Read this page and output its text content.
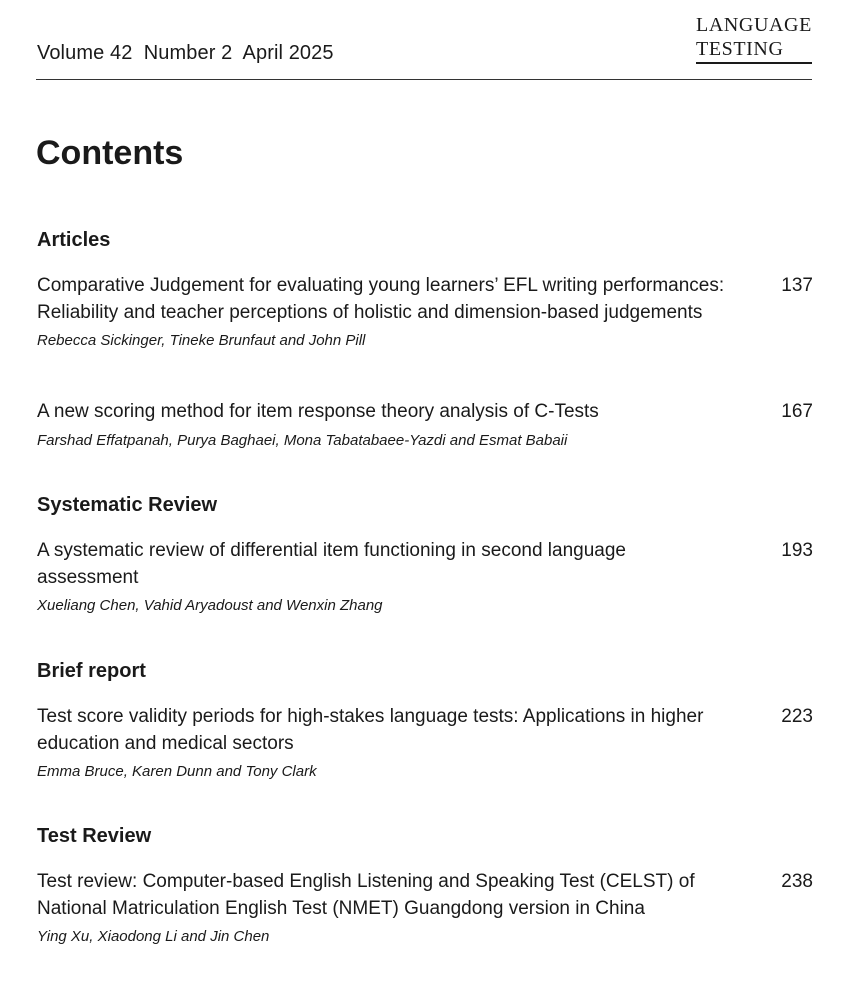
Volume 42  Number 2  April 2025
LANGUAGE
TESTING
Contents
Articles
Comparative Judgement for evaluating young learners’ EFL writing performances: Reliability and teacher perceptions of holistic and dimension-based judgements
137
Rebecca Sickinger, Tineke Brunfaut and John Pill
A new scoring method for item response theory analysis of C-Tests	167
Farshad Effatpanah, Purya Baghaei, Mona Tabatabaee-Yazdi and Esmat Babaii
Systematic Review
A systematic review of differential item functioning in second language assessment
193
Xueliang Chen, Vahid Aryadoust and Wenxin Zhang
Brief report
Test score validity periods for high-stakes language tests: Applications in higher education and medical sectors
223
Emma Bruce, Karen Dunn and Tony Clark
Test Review
Test review: Computer-based English Listening and Speaking Test (CELST) of National Matriculation English Test (NMET) Guangdong version in China
238
Ying Xu, Xiaodong Li and Jin Chen
